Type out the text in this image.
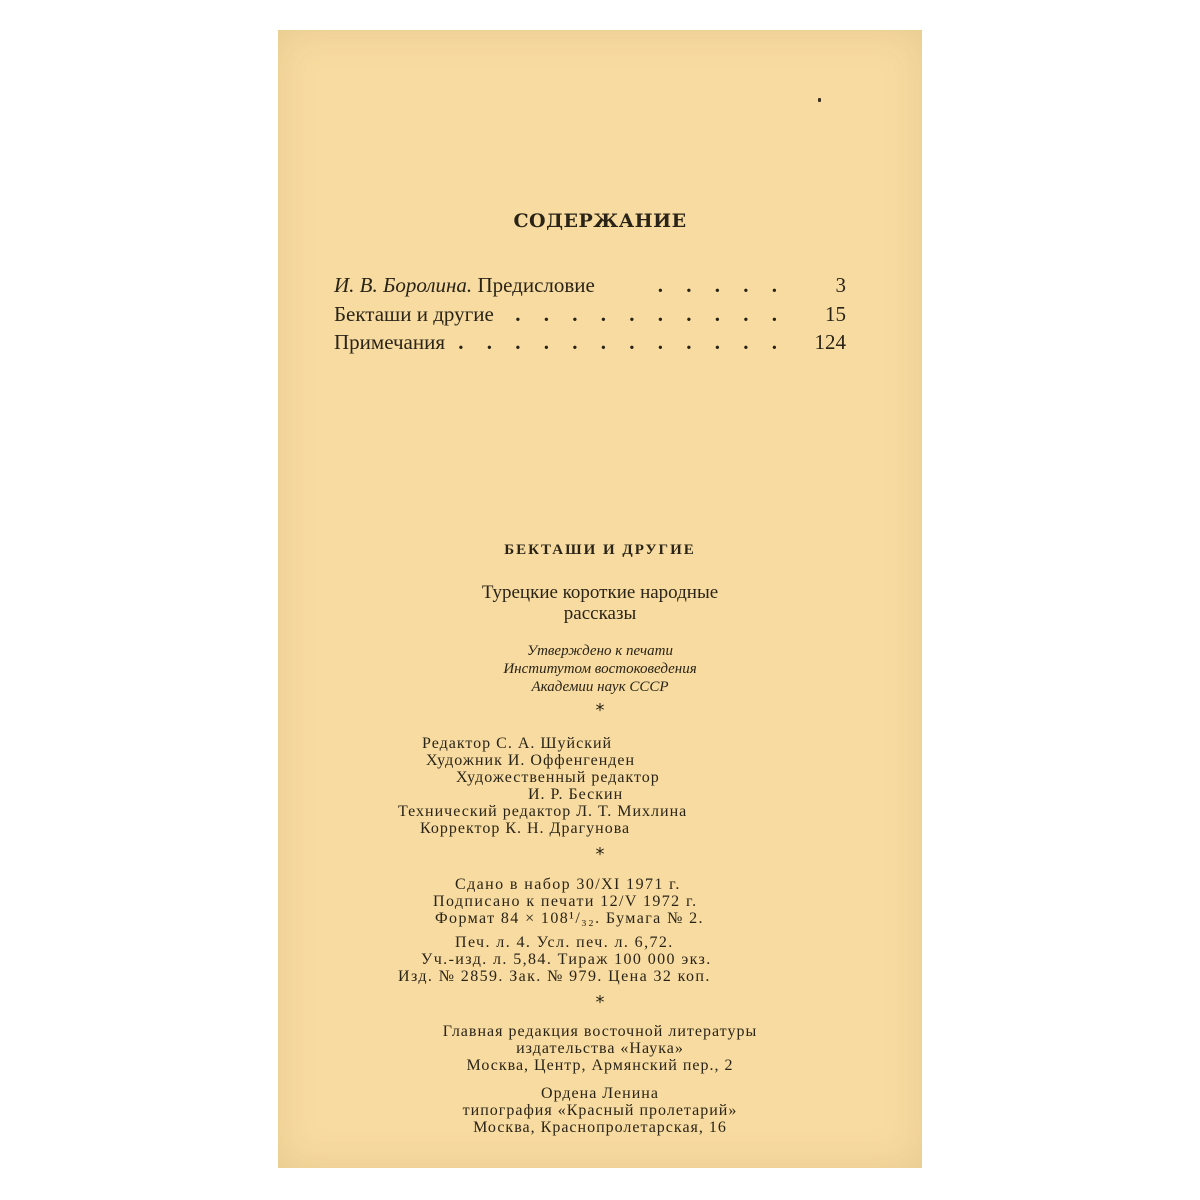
СОДЕРЖАНИЕ
И. В. Боролина. Предисловие	. . . . .	3
Бекташи и другие	. . . . . . . . . .	15
Примечания . . . . . . . . . . . .	124
БЕКТАШИ И ДРУГИЕ
Турецкие короткие народные
рассказы
Утверждено к печати
Институтом востоковедения
Академии наук СССР
*
Редактор С. А. Шуйский
Художник И. Оффенгенден
Художественный редактор
И. Р. Бескин
Технический редактор Л. Т. Михлина
Корректор К. Н. Драгунова
*
Сдано в набор 30/XI 1971 г.
Подписано к печати 12/V 1972 г.
Формат 84 × 108¹/₃₂. Бумага № 2.
Печ. л. 4. Усл. печ. л. 6,72.
Уч.-изд. л. 5,84. Тираж 100 000 экз.
Изд. № 2859. Зак. № 979. Цена 32 коп.
*
Главная редакция восточной литературы
издательства «Наука»
Москва, Центр, Армянский пер., 2
Ордена Ленина
типография «Красный пролетарий»
Москва, Краснопролетарская, 16
